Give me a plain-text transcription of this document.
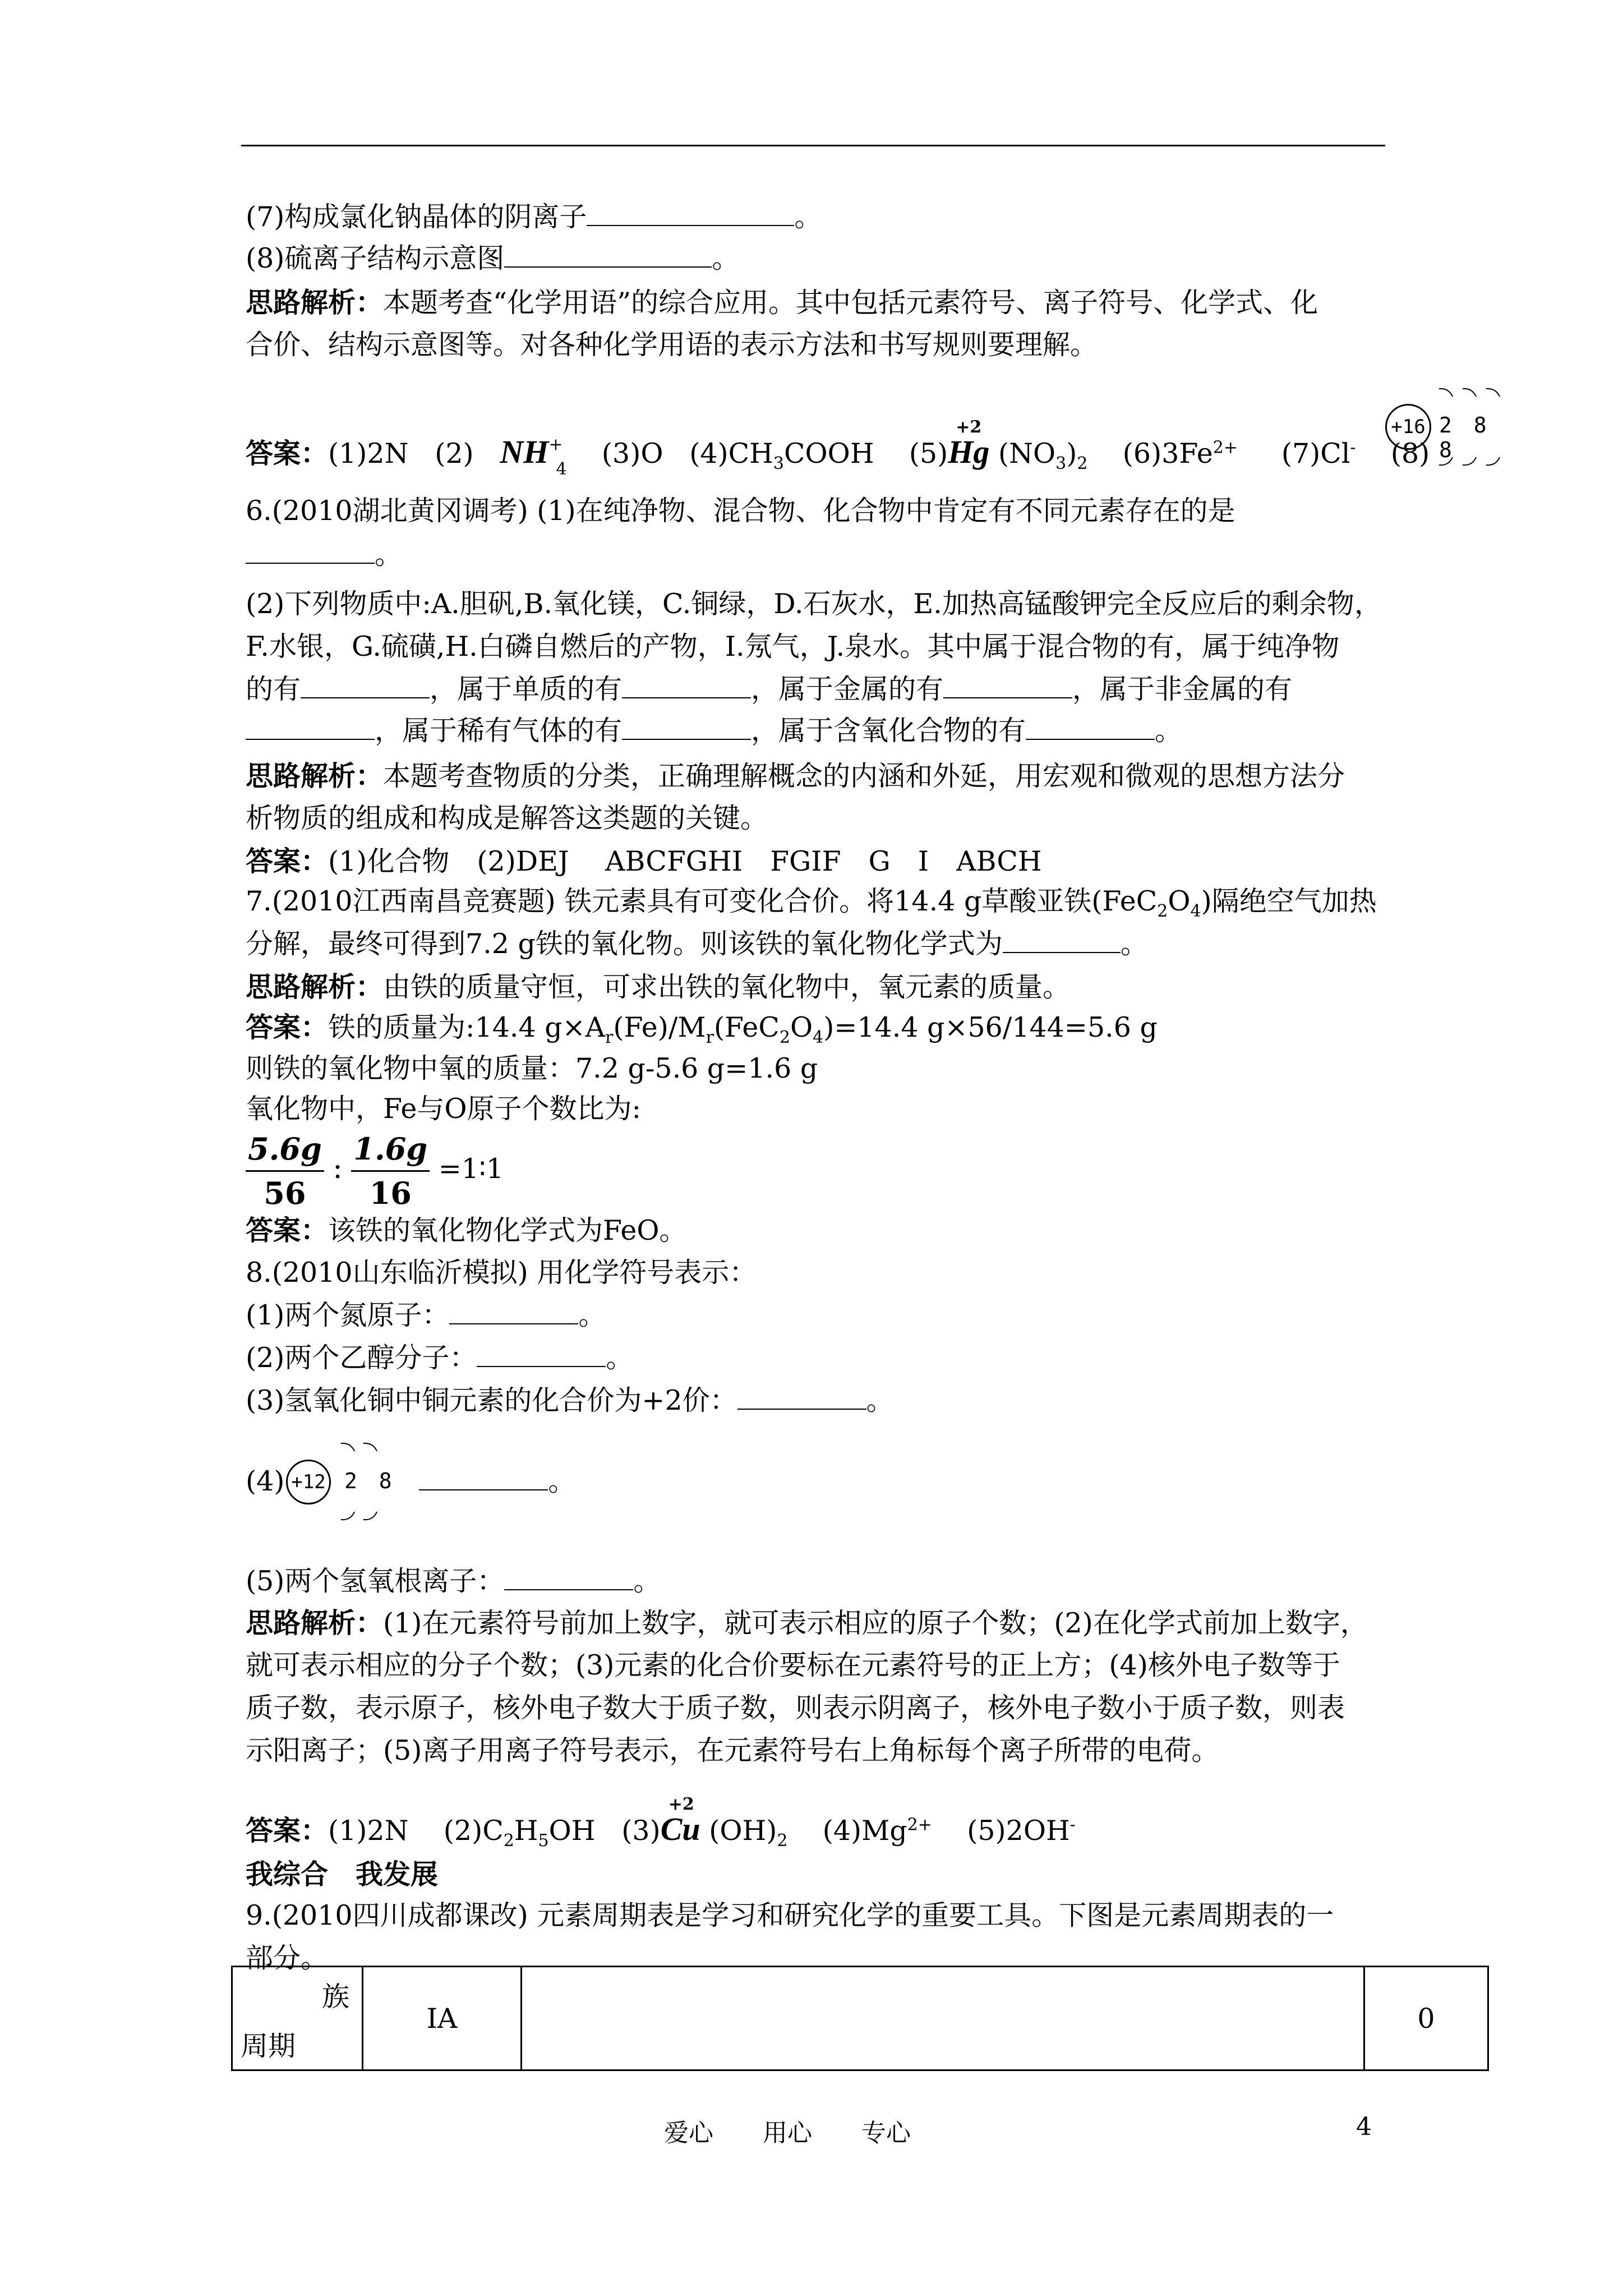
(7)构成氯化钠晶体的阴离子	。
(8)硫离子结构示意图	。
思路解析：本题考查“化学用语”的综合应用。其中包括元素符号、离子符号、化学式、化
合价、结构示意图等。对各种化学用语的表示方法和书写规则要理解。
答案：(1)2N (2) $NH^+_4$ (3)O $(4)CH_3COOH$ (5)
+2
Hg $(NO_3)_2$ $(6)3Fe^{2+}$ (7)Cl- (8)
+16 2 8 8
6.(2010湖北黄冈调考) (1)在纯净物、混合物、化合物中肯定有不同元素存在的是
。
(2)下列物质中:A.胆矾,B.氧化镁，C.铜绿，D.石灰水，E.加热高锰酸钾完全反应后的剩余物，
F.水银，G.硫磺,H.白磷自燃后的产物，I.氖气，J.泉水。其中属于混合物的有，属于纯净物
的有	，属于单质的有	，属于金属的有	，属于非金属的有
，属于稀有气体的有	，属于含氧化合物的有	。
思路解析：本题考查物质的分类，正确理解概念的内涵和外延，用宏观和微观的思想方法分
析物质的组成和构成是解答这类题的关键。
答案：(1)化合物　(2)DEJ　 ABCFGHI　FGIF　G　I　ABCH
7.(2010江西南昌竞赛题) 铁元素具有可变化合价。将14.4 g草酸亚铁$(FeC_2O_4)$隔绝空气加热
分解，最终可得到7.2 g铁的氧化物。则该铁的氧化物化学式为	。
思路解析：由铁的质量守恒，可求出铁的氧化物中，氧元素的质量。
答案：铁的质量为:14.4 $g\times A_r(Fe)/M_r(FeC_2O_4)=14.4$ g×56/144=5.6 g
则铁的氧化物中氧的质量：7.2 g-5.6 g=1.6 g
氧化物中，Fe与O原子个数比为:
$\frac{5.6g}{56}$ : $\frac{1.6g}{16}$ =1∶1
答案：该铁的氧化物化学式为FeO。
8.(2010山东临沂模拟) 用化学符号表示：
(1)两个氮原子：	。
(2)两个乙醇分子：	。
(3)氢氧化铜中铜元素的化合价为+2价：	。
(4)	。
+12 2 8
(5)两个氢氧根离子：	。
思路解析：(1)在元素符号前加上数字，就可表示相应的原子个数；(2)在化学式前加上数字，
就可表示相应的分子个数；(3)元素的化合价要标在元素符号的正上方；(4)核外电子数等于
质子数，表示原子，核外电子数大于质子数，则表示阴离子，核外电子数小于质子数，则表
示阳离子；(5)离子用离子符号表示，在元素符号右上角标每个离子所带的电荷。
答案：(1)2N $(2)C_2H_5OH$ (3)
+2
Cu $(OH)_2$ $(4)Mg^{2+}$ (5)2OH-
我综合　我发展
9.(2010四川成都课改) 元素周期表是学习和研究化学的重要工具。下图是元素周期表的一
部分。
族
周期
	ⅠA		0
爱心　　用心　　专心	4
